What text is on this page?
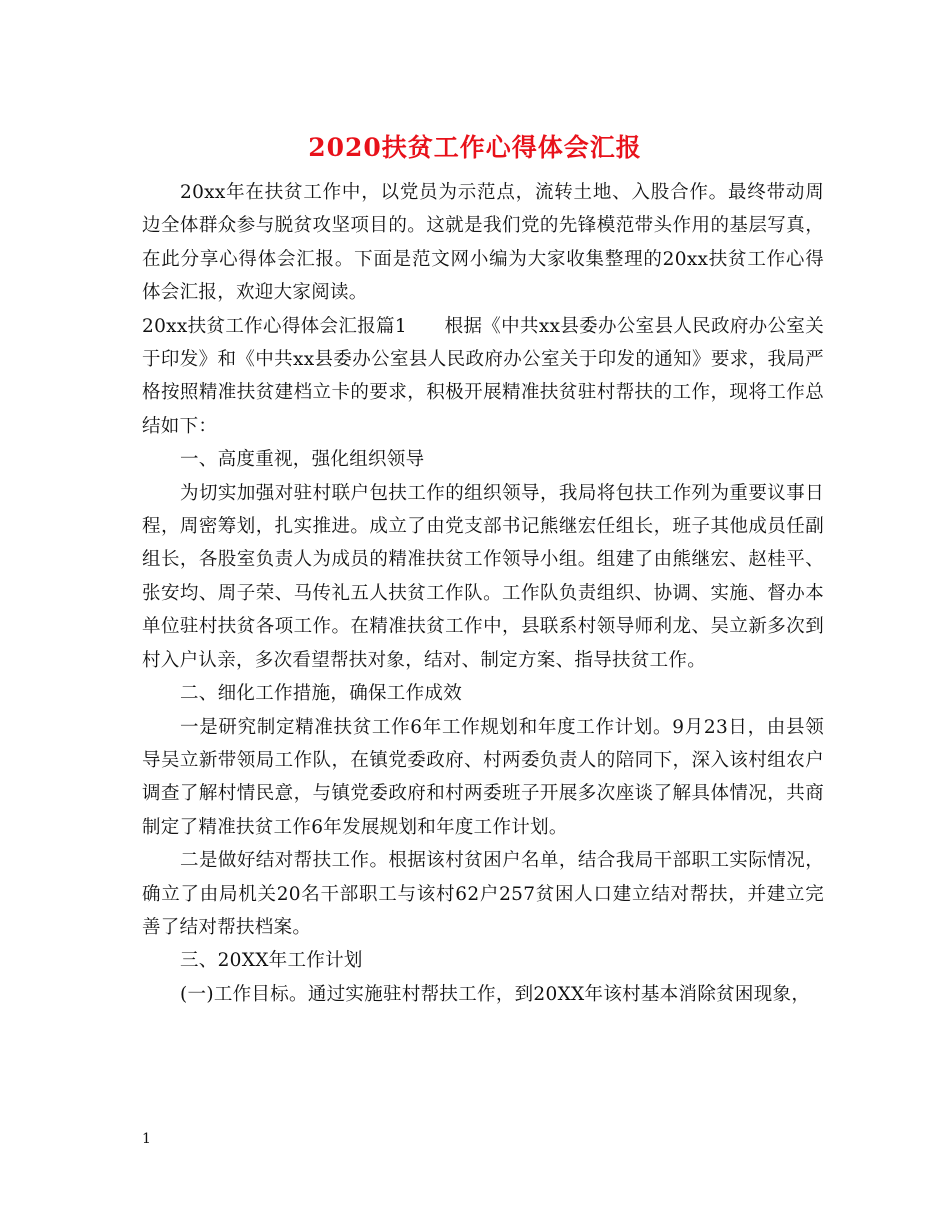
2020扶贫工作心得体会汇报

20xx年在扶贫工作中，以党员为示范点，流转土地、入股合作。最终带动周边全体群众参与脱贫攻坚项目的。这就是我们党的先锋模范带头作用的基层写真，在此分享心得体会汇报。下面是范文网小编为大家收集整理的20xx扶贫工作心得体会汇报，欢迎大家阅读。

20xx扶贫工作心得体会汇报篇1　　根据《中共xx县委办公室县人民政府办公室关于印发》和《中共xx县委办公室县人民政府办公室关于印发的通知》要求，我局严格按照精准扶贫建档立卡的要求，积极开展精准扶贫驻村帮扶的工作，现将工作总结如下：

一、高度重视，强化组织领导

为切实加强对驻村联户包扶工作的组织领导，我局将包扶工作列为重要议事日程，周密筹划，扎实推进。成立了由党支部书记熊继宏任组长，班子其他成员任副组长，各股室负责人为成员的精准扶贫工作领导小组。组建了由熊继宏、赵桂平、张安均、周子荣、马传礼五人扶贫工作队。工作队负责组织、协调、实施、督办本单位驻村扶贫各项工作。在精准扶贫工作中，县联系村领导师利龙、吴立新多次到村入户认亲，多次看望帮扶对象，结对、制定方案、指导扶贫工作。

二、细化工作措施，确保工作成效

一是研究制定精准扶贫工作6年工作规划和年度工作计划。9月23日，由县领导吴立新带领局工作队，在镇党委政府、村两委负责人的陪同下，深入该村组农户调查了解村情民意，与镇党委政府和村两委班子开展多次座谈了解具体情况，共商制定了精准扶贫工作6年发展规划和年度工作计划。

二是做好结对帮扶工作。根据该村贫困户名单，结合我局干部职工实际情况，确立了由局机关20名干部职工与该村62户257贫困人口建立结对帮扶，并建立完善了结对帮扶档案。

三、20XX年工作计划

(一)工作目标。通过实施驻村帮扶工作，到20XX年该村基本消除贫困现象，

1
